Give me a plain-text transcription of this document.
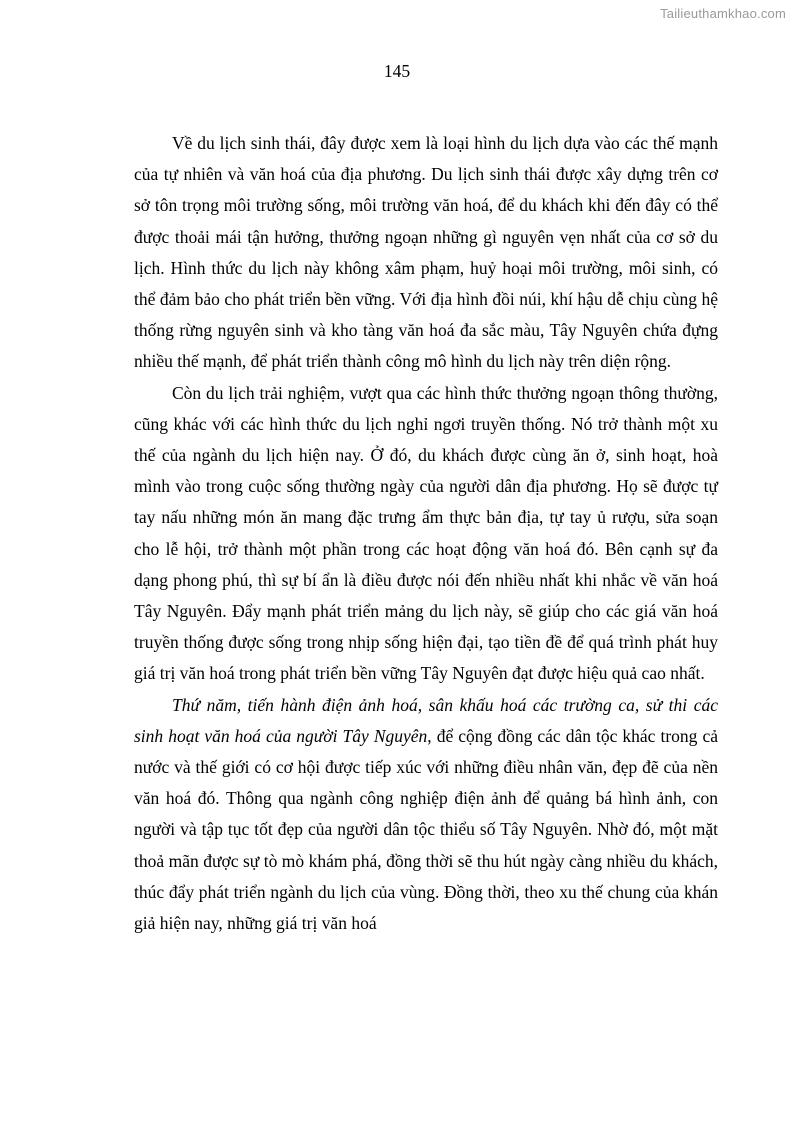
Tailieuthamkhao.com
145

Về du lịch sinh thái, đây được xem là loại hình du lịch dựa vào các thế mạnh của tự nhiên và văn hoá của địa phương. Du lịch sinh thái được xây dựng trên cơ sở tôn trọng môi trường sống, môi trường văn hoá, để du khách khi đến đây có thể được thoải mái tận hưởng, thưởng ngoạn những gì nguyên vẹn nhất của cơ sở du lịch. Hình thức du lịch này không xâm phạm, huỷ hoại môi trường, môi sinh, có thể đảm bảo cho phát triển bền vững. Với địa hình đồi núi, khí hậu dễ chịu cùng hệ thống rừng nguyên sinh và kho tàng văn hoá đa sắc màu, Tây Nguyên chứa đựng nhiều thế mạnh, để phát triển thành công mô hình du lịch này trên diện rộng.

Còn du lịch trải nghiệm, vượt qua các hình thức thưởng ngoạn thông thường, cũng khác với các hình thức du lịch nghỉ ngơi truyền thống. Nó trở thành một xu thế của ngành du lịch hiện nay. Ở đó, du khách được cùng ăn ở, sinh hoạt, hoà mình vào trong cuộc sống thường ngày của người dân địa phương. Họ sẽ được tự tay nấu những món ăn mang đặc trưng ẩm thực bản địa, tự tay ủ rượu, sửa soạn cho lễ hội, trở thành một phần trong các hoạt động văn hoá đó. Bên cạnh sự đa dạng phong phú, thì sự bí ẩn là điều được nói đến nhiều nhất khi nhắc về văn hoá Tây Nguyên. Đẩy mạnh phát triển mảng du lịch này, sẽ giúp cho các giá văn hoá truyền thống được sống trong nhịp sống hiện đại, tạo tiền đề để quá trình phát huy giá trị văn hoá trong phát triển bền vững Tây Nguyên đạt được hiệu quả cao nhất.

Thứ năm, tiến hành điện ảnh hoá, sân khấu hoá các trường ca, sử thi các sinh hoạt văn hoá của người Tây Nguyên, để cộng đồng các dân tộc khác trong cả nước và thế giới có cơ hội được tiếp xúc với những điều nhân văn, đẹp đẽ của nền văn hoá đó. Thông qua ngành công nghiệp điện ảnh để quảng bá hình ảnh, con người và tập tục tốt đẹp của người dân tộc thiểu số Tây Nguyên. Nhờ đó, một mặt thoả mãn được sự tò mò khám phá, đồng thời sẽ thu hút ngày càng nhiều du khách, thúc đẩy phát triển ngành du lịch của vùng. Đồng thời, theo xu thế chung của khán giả hiện nay, những giá trị văn hoá
